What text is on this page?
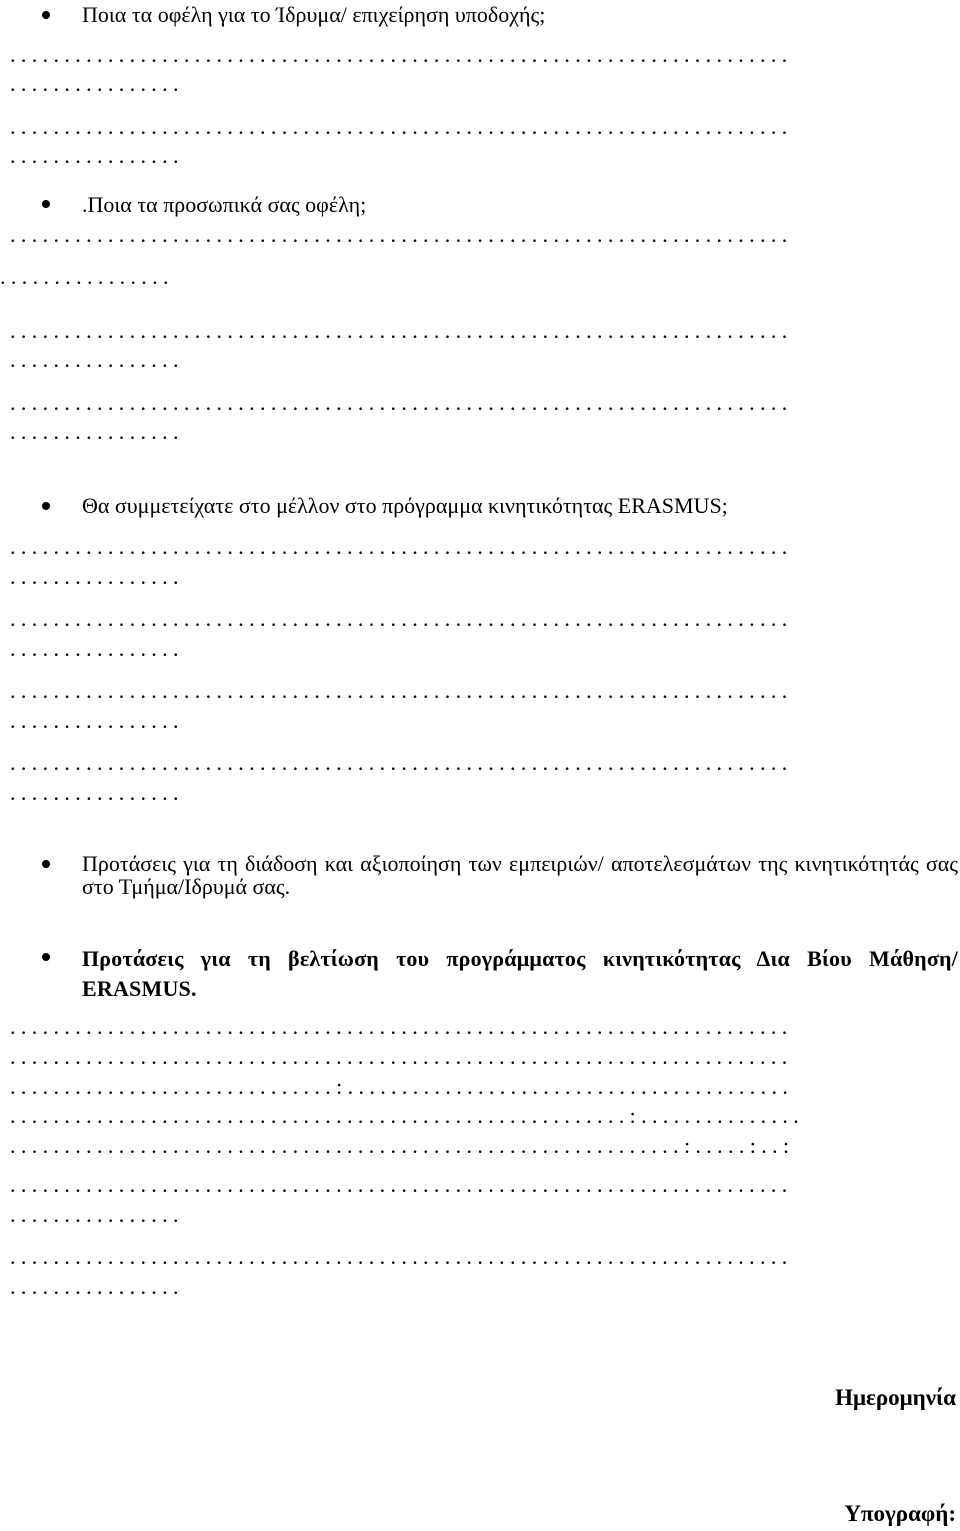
Ποια τα οφέλη για το Ίδρυμα/ επιχείρηση υποδοχής;

........................................................................

................

........................................................................

................

.Ποια τα προσωπικά σας οφέλη;

........................................................................

................

........................................................................

................

........................................................................

................

Θα συμμετείχατε στο μέλλον στο πρόγραμμα κινητικότητας ERASMUS;

........................................................................

................

........................................................................

................

........................................................................

................

........................................................................

................

Προτάσεις για τη διάδοση και αξιοποίηση των εμπειριών/ αποτελεσμάτων της κινητικότητάς σας στο Τμήμα/Ιδρυμά σας.
Προτάσεις για τη βελτίωση του προγράμματος κινητικότητας Δια Βίου Μάθηση/ ERASMUS.

........................................................................

........................................................................

..............................:.........................................

.........................................................:...............

..............................................................:.....:..:

........................................................................

................

........................................................................

................

Ημερομηνία
Υπογραφή:
